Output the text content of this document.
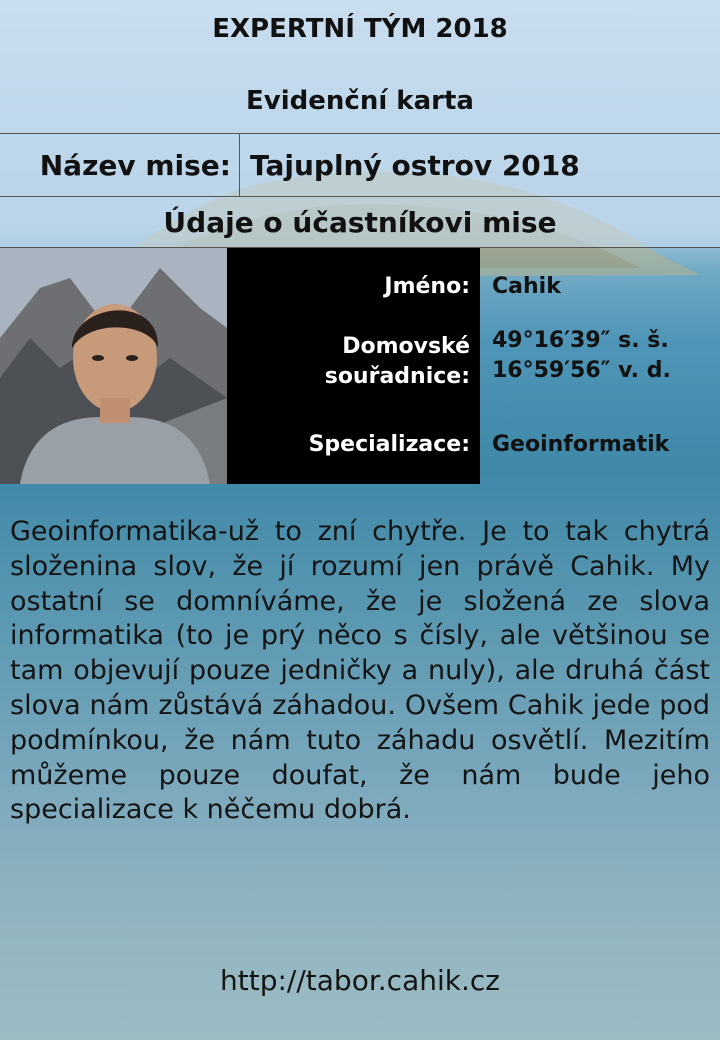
EXPERTNÍ TÝM 2018
Evidenční karta
Název mise: Tajuplný ostrov 2018
Údaje o účastníkovi mise
Jméno:
Domovské
souřadnice:
Specializace:
Cahik
49°16′39″ s. š.
16°59′56″ v. d.
Geoinformatik
Geoinformatika-už to zní chytře. Je to tak chytrá složenina slov, že jí rozumí jen právě Cahik. My ostatní se domníváme, že je složená ze slova informatika (to je prý něco s čísly, ale většinou se tam objevují pouze jedničky a nuly), ale druhá část slova nám zůstává záhadou. Ovšem Cahik jede pod podmínkou, že nám tuto záhadu osvětlí. Mezitím můžeme pouze doufat, že nám bude jeho specializace k něčemu dobrá.
http://tabor.cahik.cz
